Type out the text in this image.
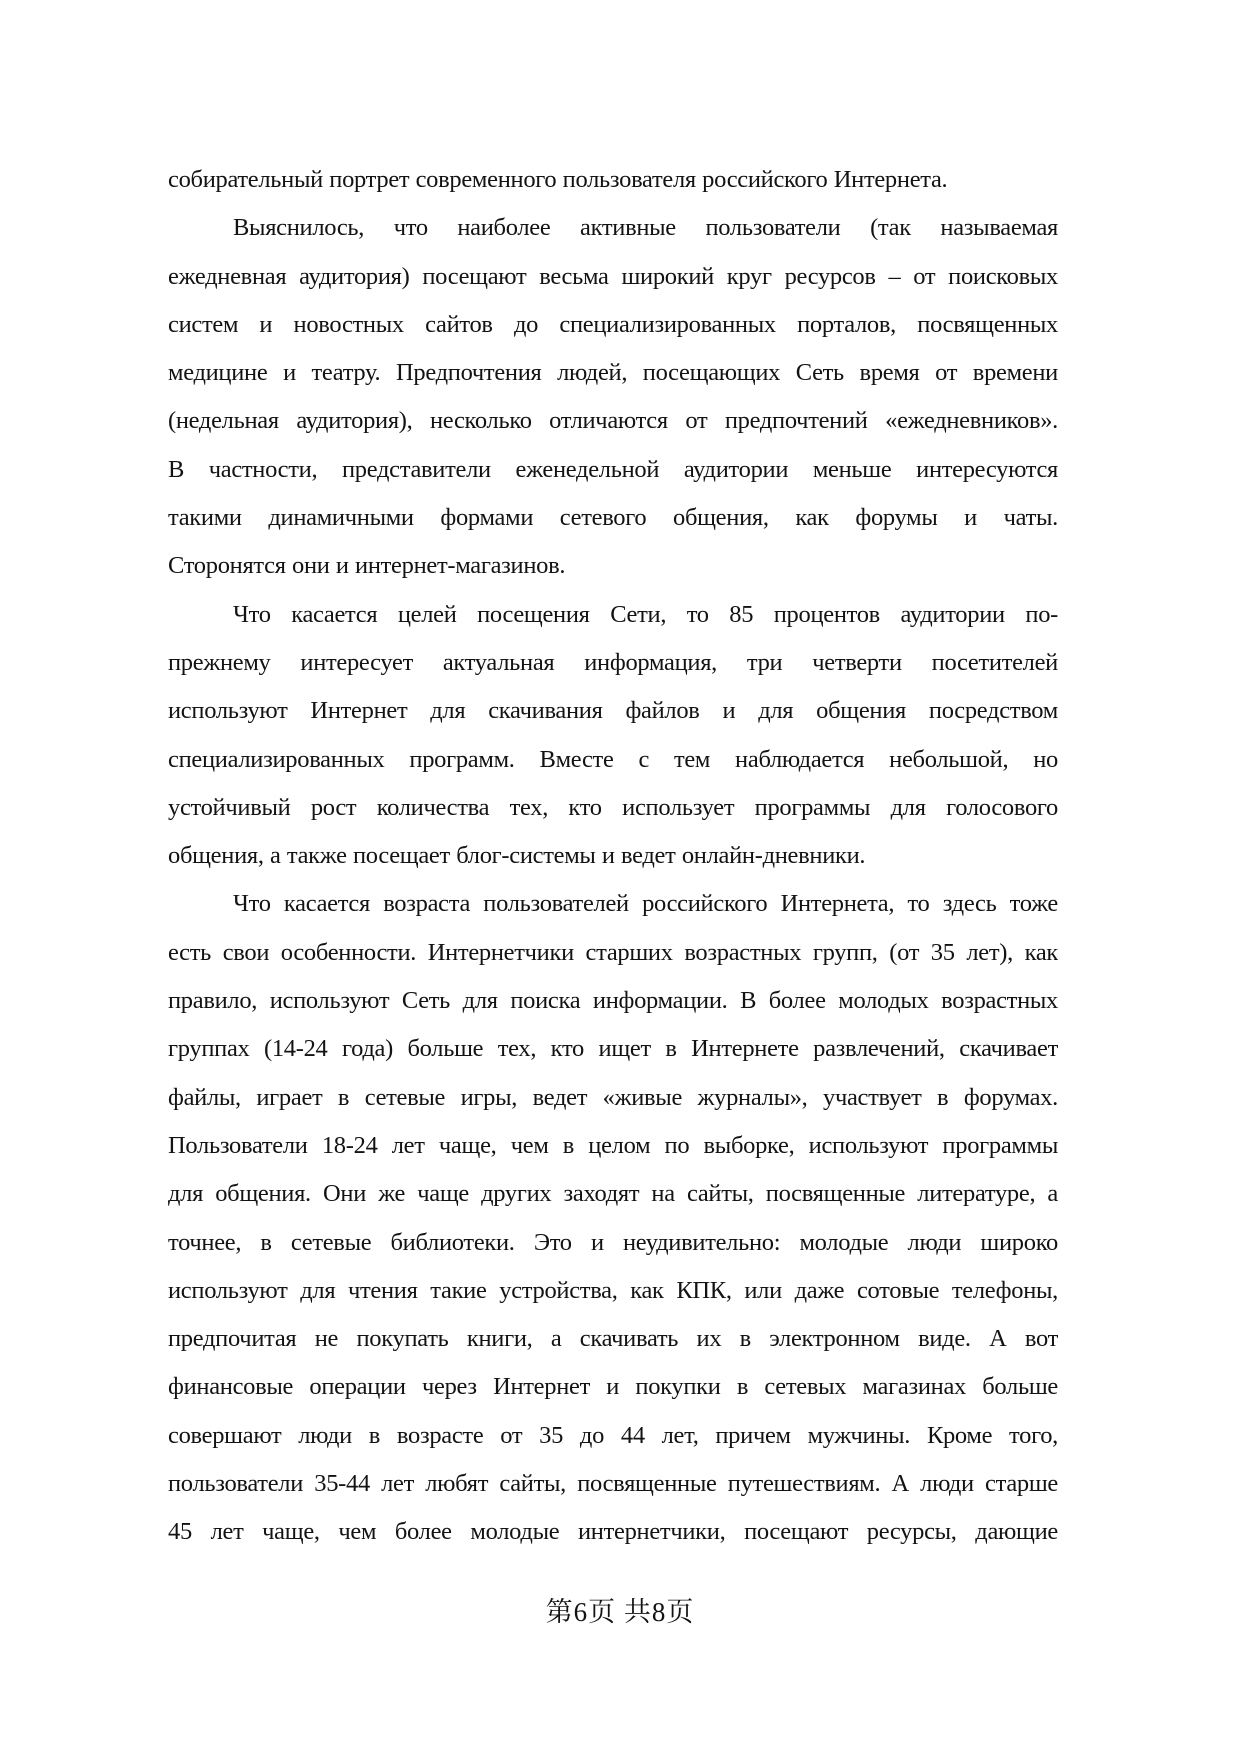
собирательный портрет современного пользователя российского Интернета.
Выяснилось, что наиболее активные пользователи (так называемая
ежедневная аудитория) посещают весьма широкий круг ресурсов – от поисковых
систем и новостных сайтов до специализированных порталов, посвященных
медицине и театру. Предпочтения людей, посещающих Сеть время от времени
(недельная аудитория), несколько отличаются от предпочтений «ежедневников».
В частности, представители еженедельной аудитории меньше интересуются
такими динамичными формами сетевого общения, как форумы и чаты.
Сторонятся они и интернет-магазинов.
Что касается целей посещения Сети, то 85 процентов аудитории по-
прежнему интересует актуальная информация, три четверти посетителей
используют Интернет для скачивания файлов и для общения посредством
специализированных программ. Вместе с тем наблюдается небольшой, но
устойчивый рост количества тех, кто использует программы для голосового
общения, а также посещает блог-системы и ведет онлайн-дневники.
Что касается возраста пользователей российского Интернета, то здесь тоже
есть свои особенности. Интернетчики старших возрастных групп, (от 35 лет), как
правило, используют Сеть для поиска информации. В более молодых возрастных
группах (14-24 года) больше тех, кто ищет в Интернете развлечений, скачивает
файлы, играет в сетевые игры, ведет «живые журналы», участвует в форумах.
Пользователи 18-24 лет чаще, чем в целом по выборке, используют программы
для общения. Они же чаще других заходят на сайты, посвященные литературе, а
точнее, в сетевые библиотеки. Это и неудивительно: молодые люди широко
используют для чтения такие устройства, как КПК, или даже сотовые телефоны,
предпочитая не покупать книги, а скачивать их в электронном виде. А вот
финансовые операции через Интернет и покупки в сетевых магазинах больше
совершают люди в возрасте от 35 до 44 лет, причем мужчины. Кроме того,
пользователи 35-44 лет любят сайты, посвященные путешествиям. А люди старше
45 лет чаще, чем более молодые интернетчики, посещают ресурсы, дающие
第6页 共8页
